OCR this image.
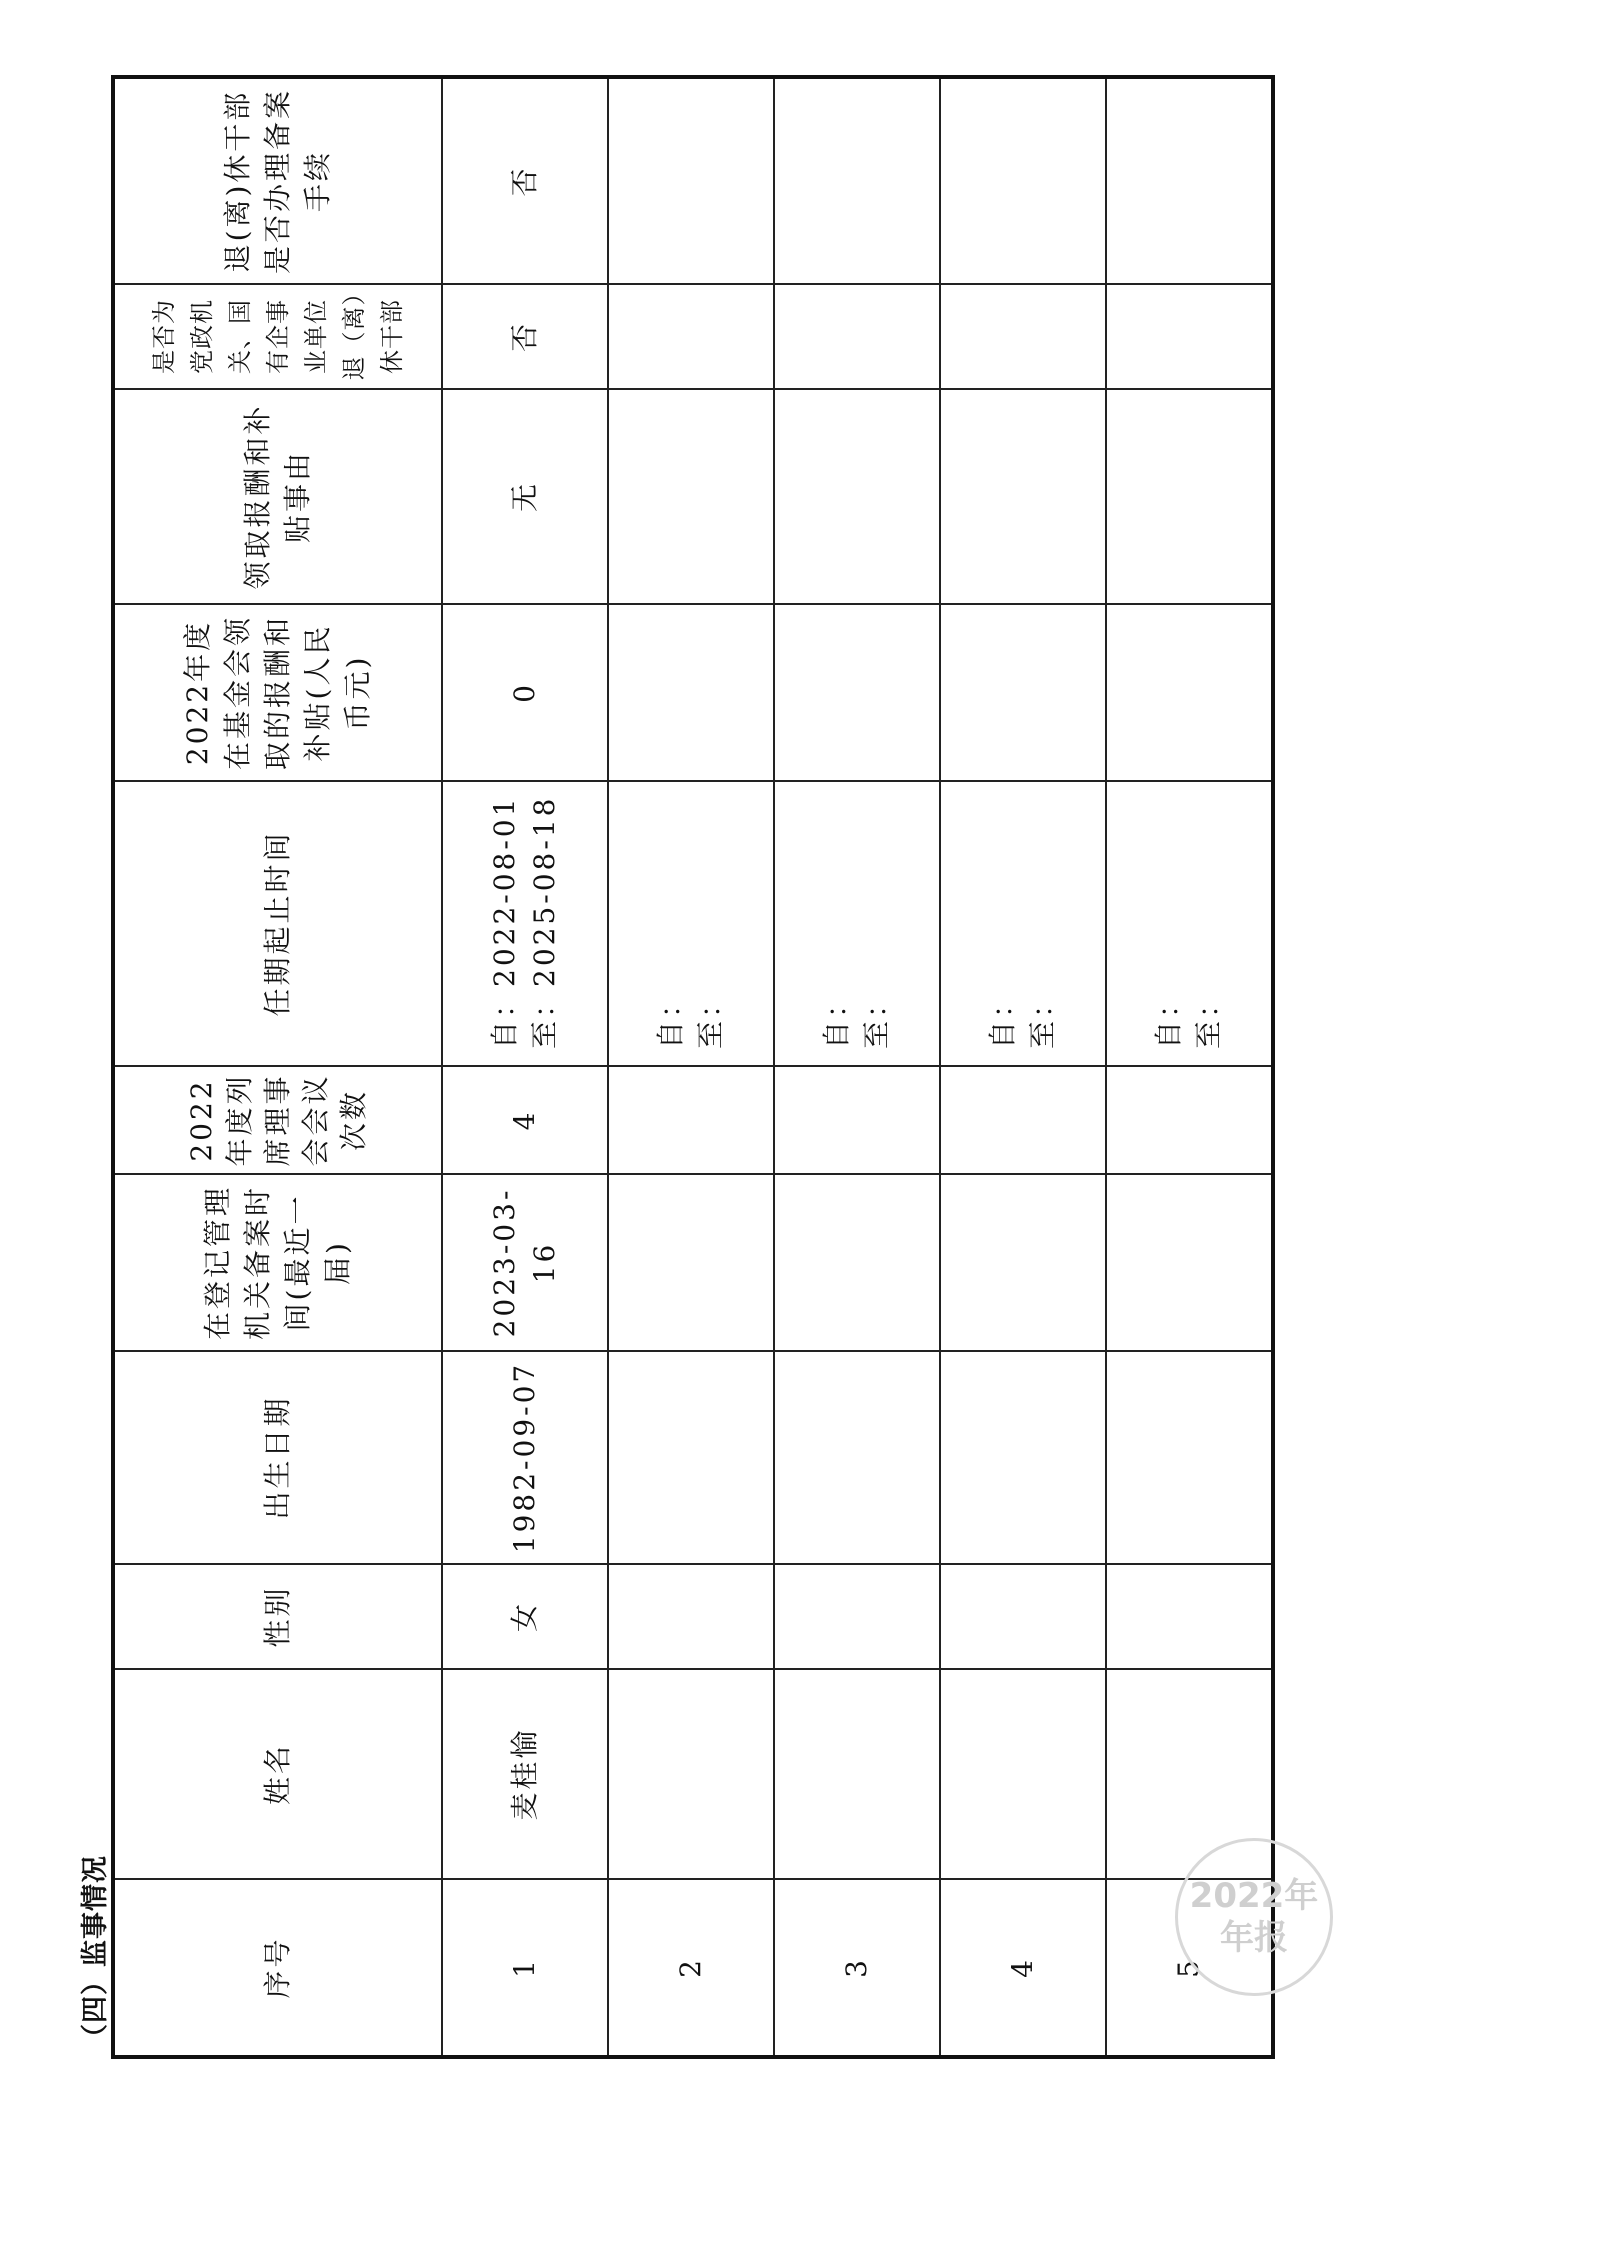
（四）监事情况	序号	姓名	性别	出生日期	在登记管理机关备案时间(最近一届)	2022年度列席理事会会议次数	任期起止时间	2022年度在基金会领取的报酬和补贴(人民币元)	领取报酬和补贴事由	是否为党政机关、国有企事业单位退（离）休干部	退(离)休干部是否办理备案手续
1	麦桂愉	女	1982-09-07	2023-03-16	4	自：2022-08-01 至：2025-08-18	0	无	否	否
2						自： 至：				

3						自： 至：				

4						自： 至：				

5						自： 至：				

2022年
年报
